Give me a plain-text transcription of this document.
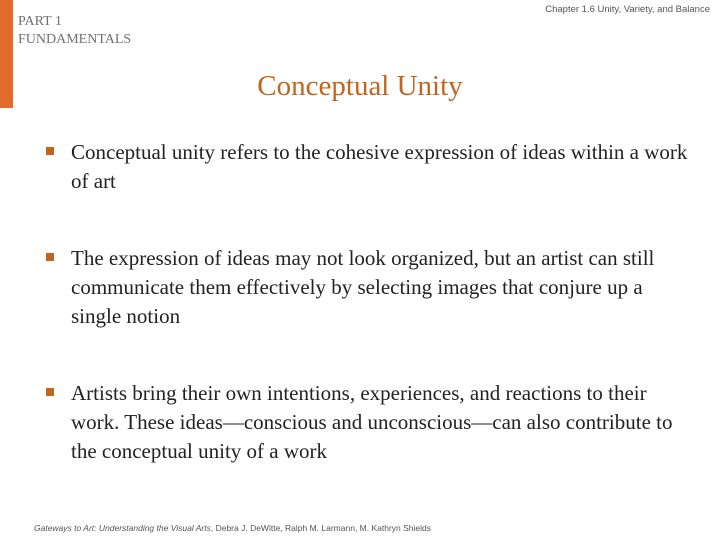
PART 1
FUNDAMENTALS
Chapter 1.6 Unity, Variety, and Balance
Conceptual Unity
Conceptual unity refers to the cohesive expression of ideas within a work of art
The expression of ideas may not look organized, but an artist can still communicate them effectively by selecting images that conjure up a single notion
Artists bring their own intentions, experiences, and reactions to their work. These ideas—conscious and unconscious—can also contribute to the conceptual unity of a work
Gateways to Art: Understanding the Visual Arts, Debra J. DeWitte, Ralph M. Larmann, M. Kathryn Shields
